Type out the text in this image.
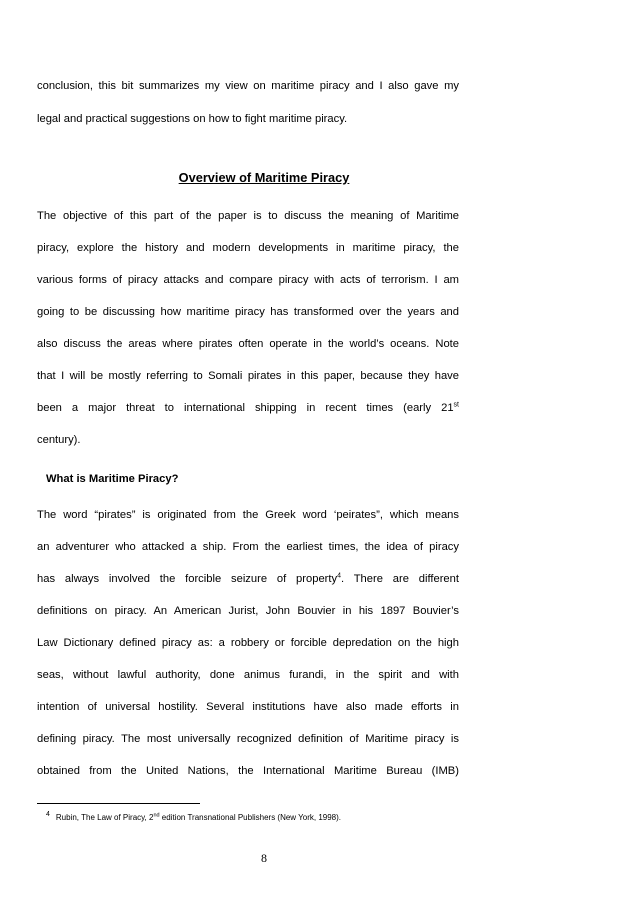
conclusion, this bit summarizes my view on maritime piracy and I also gave my
legal and practical suggestions on how to fight maritime piracy.
Overview of Maritime Piracy
The objective of this part of the paper is to discuss the meaning of Maritime
piracy, explore the history and modern developments in maritime piracy, the
various forms of piracy attacks and compare piracy with acts of terrorism. I am
going to be discussing how maritime piracy has transformed over the years and
also discuss the areas where pirates often operate in the world’s oceans. Note
that I will be mostly referring to Somali pirates in this paper, because they have
been a major threat to international shipping in recent times (early 21st
century).
What is Maritime Piracy?
The word “pirates” is originated from the Greek word ‘peirates”, which means
an adventurer who attacked a ship. From the earliest times, the idea of piracy
has always involved the forcible seizure of property$^4$. There are different
definitions on piracy. An American Jurist, John Bouvier in his 1897 Bouvier’s
Law Dictionary defined piracy as: a robbery or forcible depredation on the high
seas, without lawful authority, done animus furandi, in the spirit and with
intention of universal hostility. Several institutions have also made efforts in
defining piracy. The most universally recognized definition of Maritime piracy is
obtained from the United Nations, the International Maritime Bureau (IMB)
4 Rubin, The Law of Piracy, 2nd edition Transnational Publishers (New York, 1998).
8
